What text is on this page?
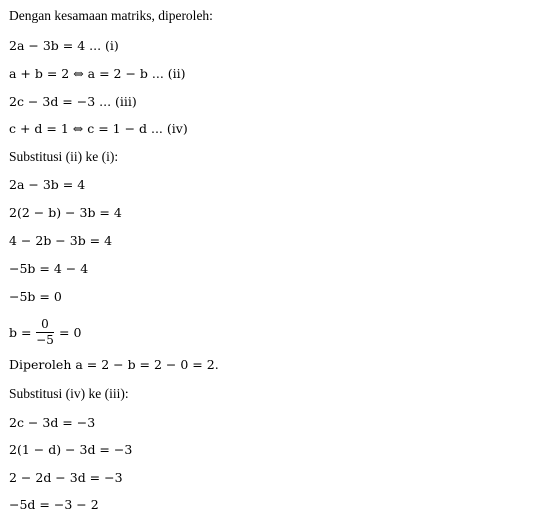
Dengan kesamaan matriks, diperoleh:
2a − 3b = 4 ... (i)
a + b = 2 ⇔ a = 2 − b ... (ii)
2c − 3d = −3 ... (iii)
c + d = 1 ⇔ c = 1 − d ... (iv)
Substitusi (ii) ke (i):
2a − 3b = 4
2(2 − b) − 3b = 4
4 − 2b − 3b = 4
−5b = 4 − 4
−5b = 0
b =
0
−5 = 0
Diperoleh a = 2 − b = 2 − 0 = 2.
Substitusi (iv) ke (iii):
2c − 3d = −3
2(1 − d) − 3d = −3
2 − 2d − 3d = −3
−5d = −3 − 2
